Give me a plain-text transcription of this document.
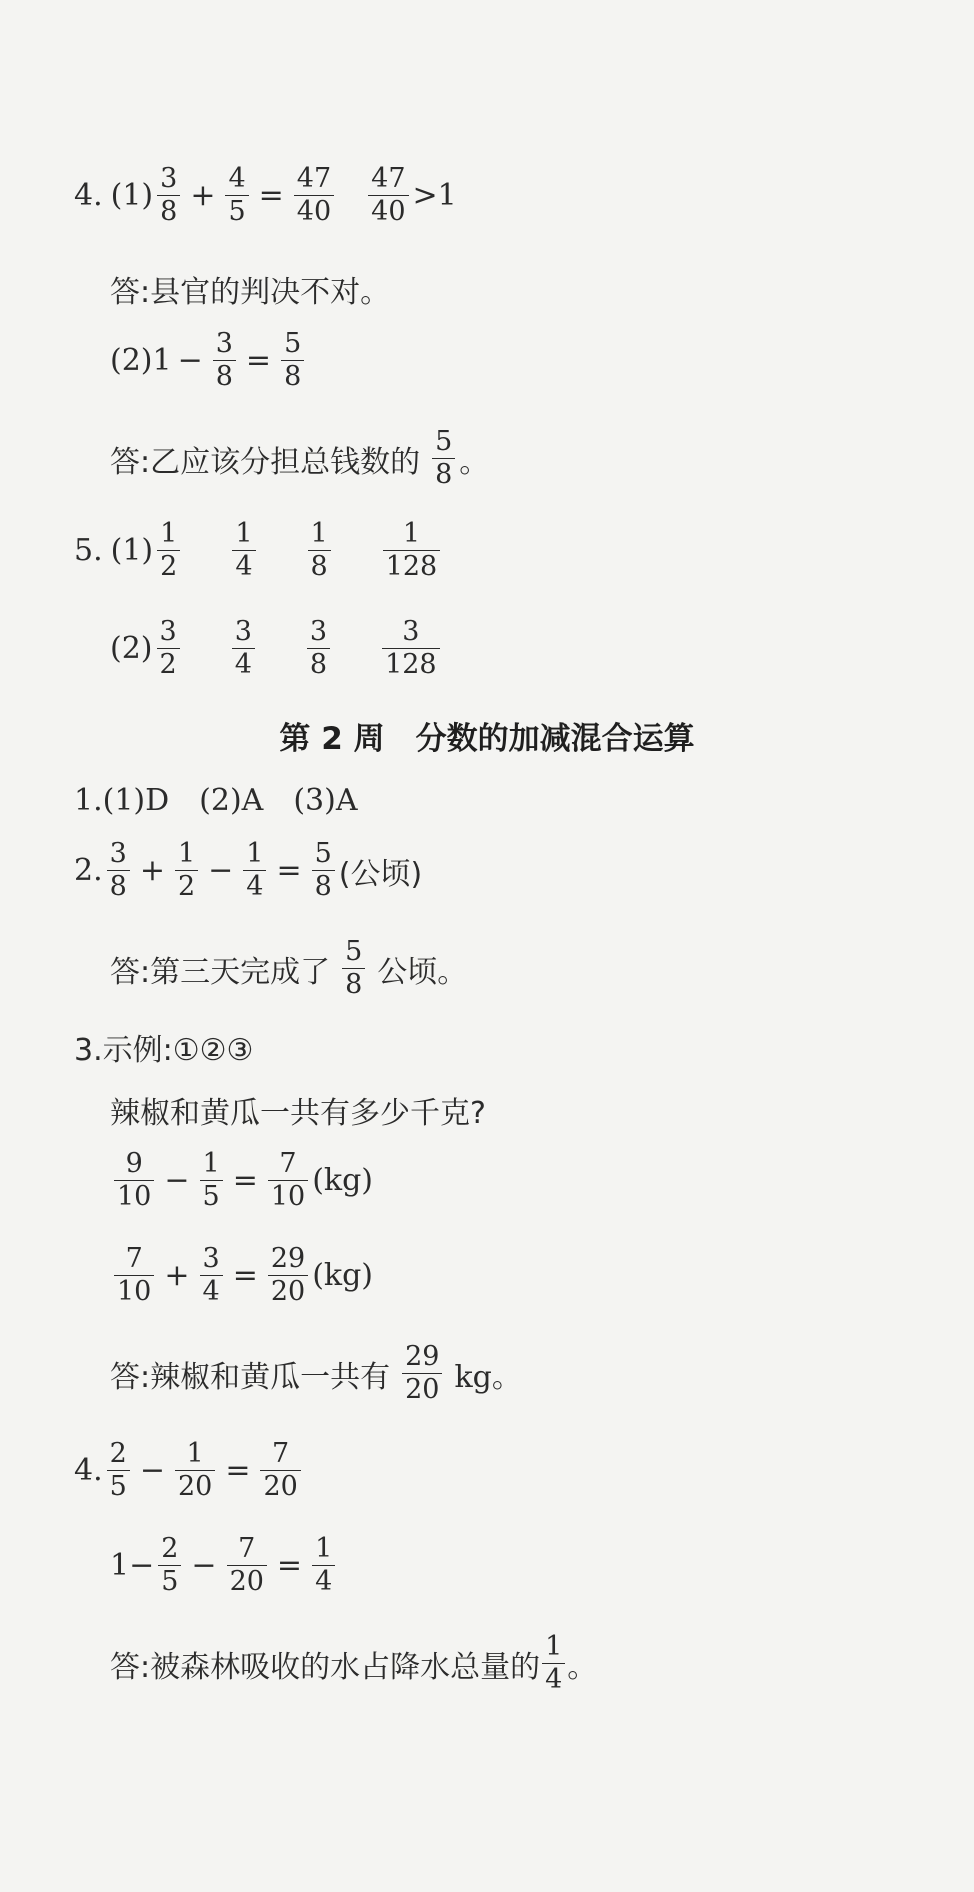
4. $(1) \frac{3}{8} + \frac{4}{5} = \frac{47}{40} \frac{47}{40} >1$
答:县官的判决不对。
$(2)1 - \frac{3}{8} = \frac{5}{8}$
答:乙应该分担总钱数的 $\frac{5}{8}$ 。
5. $(1) \frac{1}{2} \frac{1}{4} \frac{1}{8} \frac{1}{128}$
$(2) \frac{3}{2} \frac{3}{4} \frac{3}{8} \frac{3}{128}$
第 2 周　分数的加减混合运算
1.(1)D　(2)A　(3)A
2. $\frac{3}{8} + \frac{1}{2} - \frac{1}{4} = \frac{5}{8}$ (公顷)
答:第三天完成了 $\frac{5}{8}$ 公顷。
3.示例:①②③
辣椒和黄瓜一共有多少千克?
$\frac{9}{10} - \frac{1}{5} = \frac{7}{10} (kg)$
$\frac{7}{10} + \frac{3}{4} = \frac{29}{20} (kg)$
答:辣椒和黄瓜一共有 $\frac{29}{20}$ kg。
4. $\frac{2}{5} - \frac{1}{20} = \frac{7}{20}$
$1- \frac{2}{5} - \frac{7}{20} = \frac{1}{4}$
答:被森林吸收的水占降水总量的 $\frac{1}{4}$ 。
